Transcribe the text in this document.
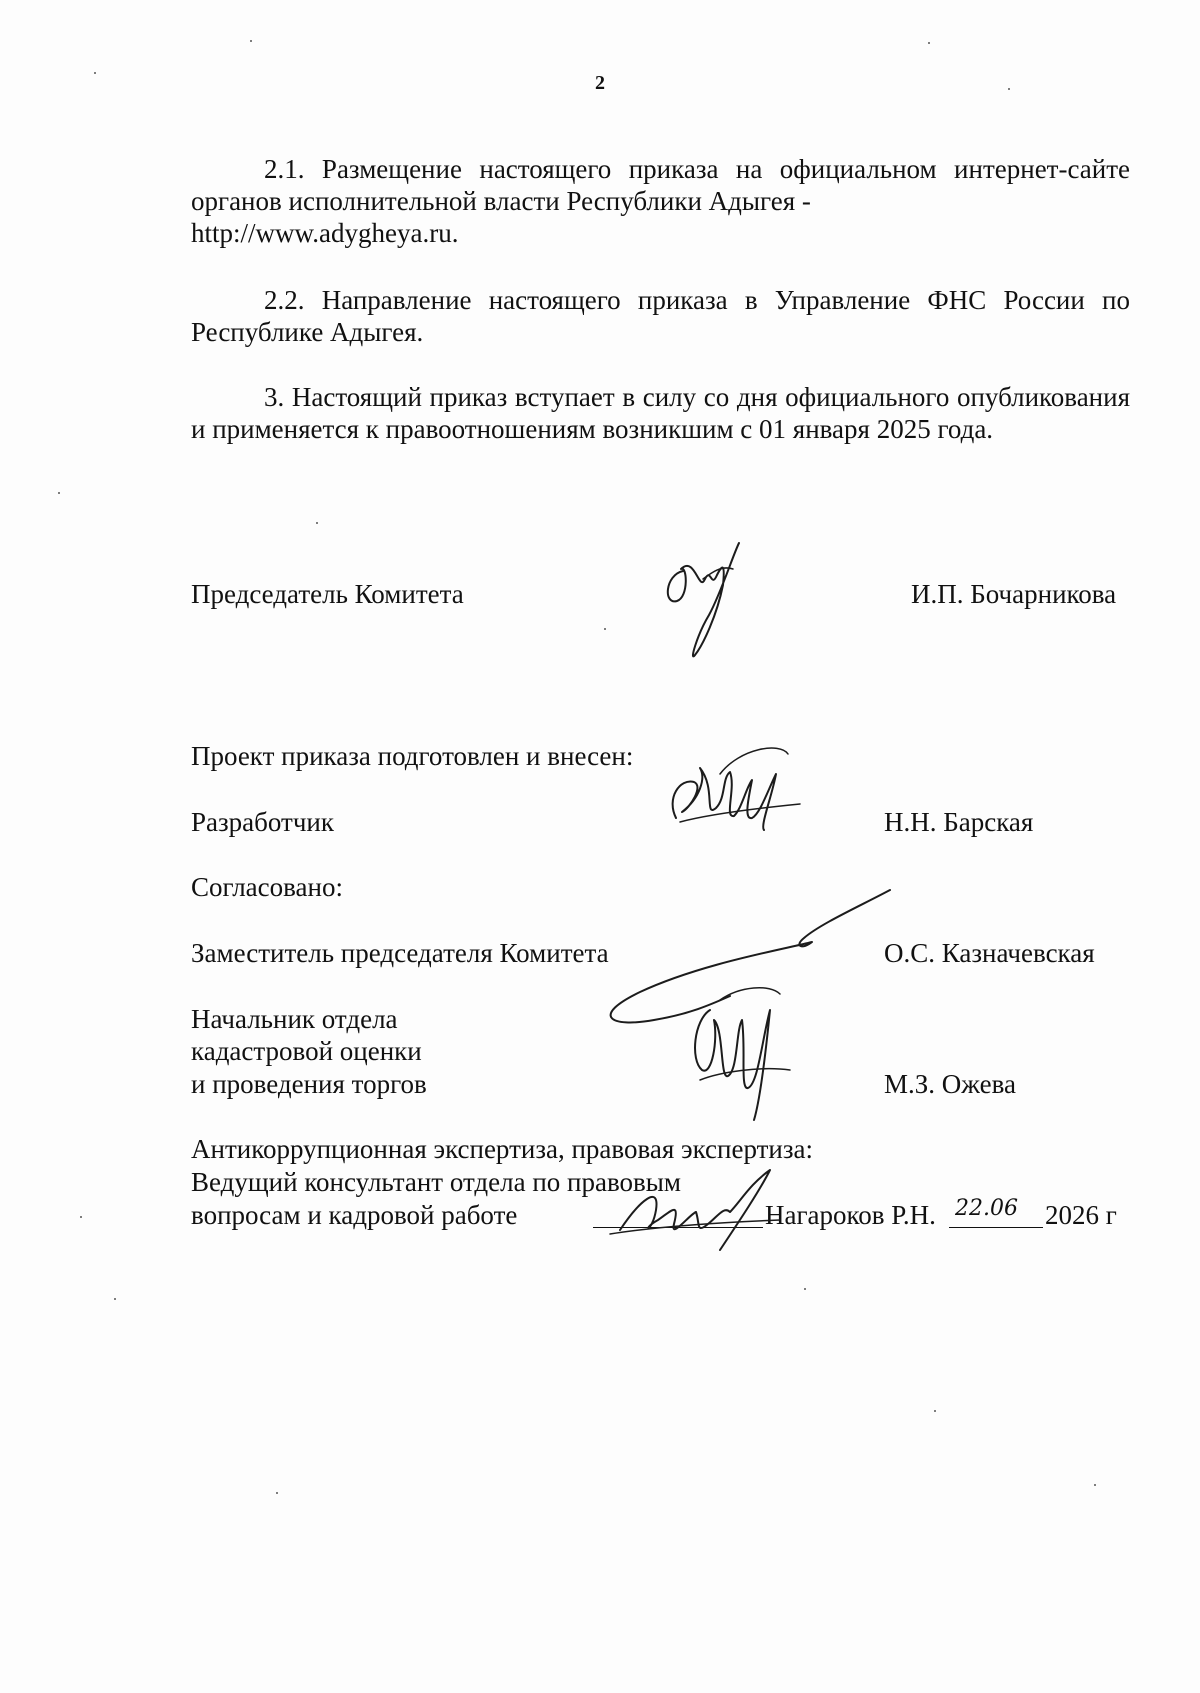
2
2.1. Размещение настоящего приказа на официальном интернет-сайте органов исполнительной власти Республики Адыгея -
http://www.adygheya.ru.
2.2. Направление настоящего приказа в Управление ФНС России по Республике Адыгея.
3. Настоящий приказ вступает в силу со дня официального опубликования и применяется к правоотношениям возникшим с 01 января 2025 года.
Председатель Комитета	И.П. Бочарникова
Проект приказа подготовлен и внесен:
Разработчик	Н.Н. Барская
Согласовано:
Заместитель председателя Комитета	О.С. Казначевская
Начальник отдела
кадастровой оценки
и проведения торгов	М.З. Ожева
Антикоррупционная экспертиза, правовая экспертиза:
Ведущий консультант отдела по правовым
вопросам и кадровой работе	Нагароков Р.Н. 22.06 2026 г
